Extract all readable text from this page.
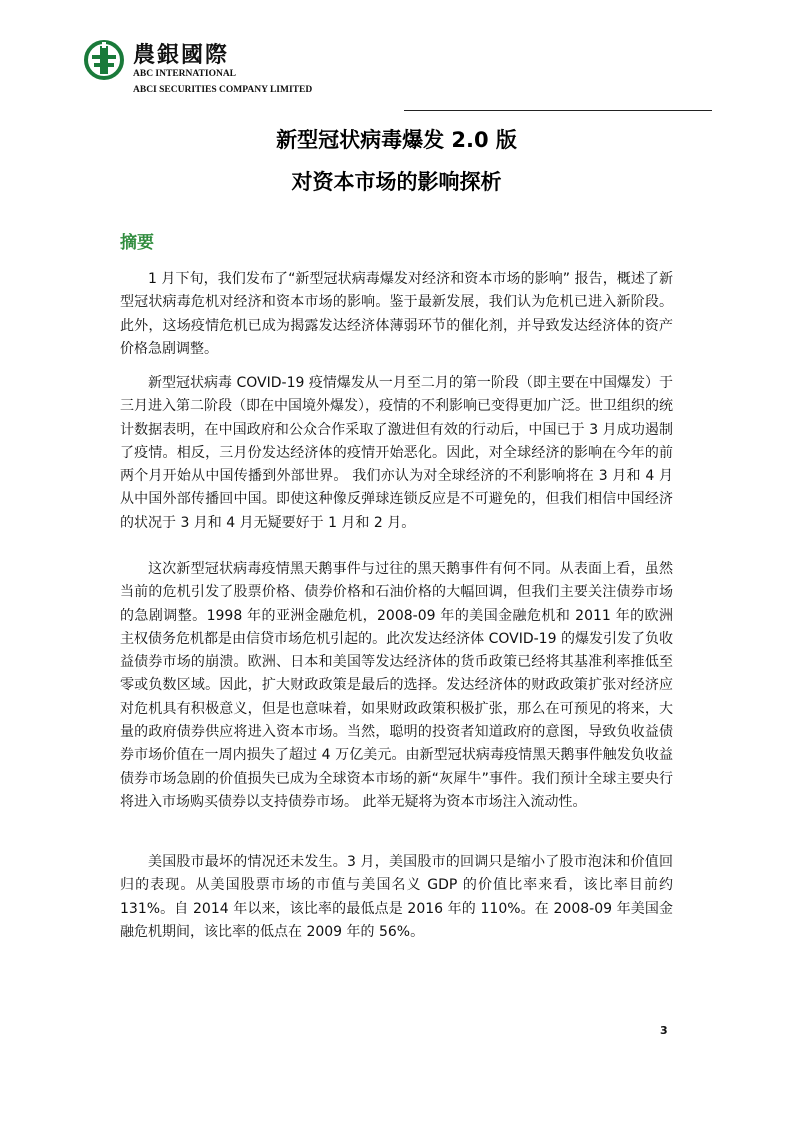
農銀國際
ABC INTERNATIONAL
ABCI SECURITIES COMPANY LIMITED
新型冠状病毒爆发 2.0 版
对资本市场的影响探析
摘要

1 月下旬，我们发布了“新型冠状病毒爆发对经济和资本市场的影响” 报告，概述了新型冠状病毒危机对经济和资本市场的影响。鉴于最新发展，我们认为危机已进入新阶段。 此外，这场疫情危机已成为揭露发达经济体薄弱环节的催化剂，并导致发达经济体的资产价格急剧调整。

新型冠状病毒 COVID-19 疫情爆发从一月至二月的第一阶段（即主要在中国爆发）于三月进入第二阶段（即在中国境外爆发），疫情的不利影响已变得更加广泛。世卫组织的统计数据表明，在中国政府和公众合作采取了激进但有效的行动后，中国已于 3 月成功遏制了疫情。相反，三月份发达经济体的疫情开始恶化。因此，对全球经济的影响在今年的前两个月开始从中国传播到外部世界。 我们亦认为对全球经济的不利影响将在 3 月和 4 月从中国外部传播回中国。即使这种像反弹球连锁反应是不可避免的，但我们相信中国经济的状况于 3 月和 4 月无疑要好于 1 月和 2 月。

这次新型冠状病毒疫情黑天鹅事件与过往的黑天鹅事件有何不同。从表面上看，虽然当前的危机引发了股票价格、债券价格和石油价格的大幅回调，但我们主要关注债券市场的急剧调整。1998 年的亚洲金融危机，2008-09 年的美国金融危机和 2011 年的欧洲主权债务危机都是由信贷市场危机引起的。此次发达经济体 COVID-19 的爆发引发了负收益债券市场的崩溃。欧洲、日本和美国等发达经济体的货币政策已经将其基准利率推低至零或负数区域。因此，扩大财政政策是最后的选择。发达经济体的财政政策扩张对经济应对危机具有积极意义，但是也意味着，如果财政政策积极扩张，那么在可预见的将来，大量的政府债券供应将进入资本市场。当然，聪明的投资者知道政府的意图，导致负收益债券市场价值在一周内损失了超过 4 万亿美元。由新型冠状病毒疫情黑天鹅事件触发负收益债券市场急剧的价值损失已成为全球资本市场的新“灰犀牛”事件。我们预计全球主要央行将进入市场购买债券以支持债券市场。 此举无疑将为资本市场注入流动性。

美国股市最坏的情况还未发生。3 月，美国股市的回调只是缩小了股市泡沫和价值回归的表现。从美国股票市场的市值与美国名义 GDP 的价值比率来看，该比率目前约 131%。自 2014 年以来，该比率的最低点是 2016 年的 110%。在 2008-09 年美国金融危机期间，该比率的低点在 2009 年的 56%。

3
